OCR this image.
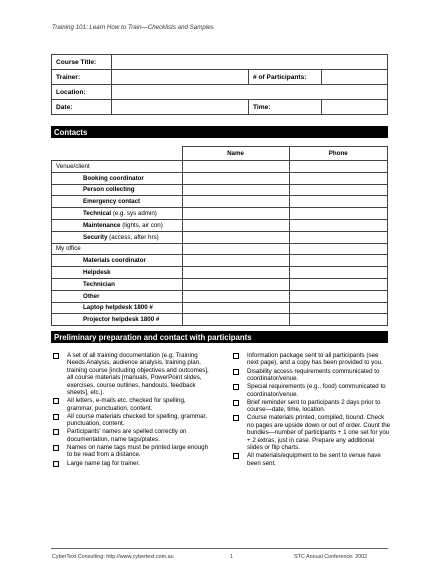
Training 101: Learn How to Train—Checklists and Samples
Course Title:			
Trainer:		# of Participants:	
Location:			
Date:		Time:	
Contacts
	Name	Phone
Venue/client		
Booking coordinator		
Person collecting		
Emergency contact		
Technical (e.g. sys admin)		
Maintenance (lights, air con)		
Security (access, after hrs)		
My office		
Materials coordinator		
Helpdesk		
Technician		
Other		
Laptop helpdesk 1800 #		
Projector helpdesk 1800 #		
Preliminary preparation and contact with participants
A set of all training documentation (e.g. Training Needs Analysis, audience analysis, training plan, training course [including objectives and outcomes], all course materials [manuals, PowerPoint slides, exercises, course outlines, handouts, feedback sheets], etc.).
All letters, e-mails etc. checked for spelling, grammar, punctuation, content.
All course materials checked for spelling, grammar, punctuation, content.
Participants' names are spelled correctly on documentation, name tags/plates.
Names on name tags must be printed large enough to be read from a distance.
Large name tag for trainer.
Information package sent to all participants (see next page), and a copy has been provided to you.
Disability access requirements communicated to coordinator/venue.
Special requirements (e.g., food) communicated to coordinator/venue.
Brief reminder sent to participants 2 days prior to course—date, time, location.
Course materials printed, compiled, bound. Check no pages are upside down or out of order. Count the bundles—number of participants + 1 one set for you + 2 extras, just in case. Prepare any additional slides or flip charts.
All materials/equipment to be sent to venue have been sent.
CyberText Consulting: http://www.cybertext.com.au	1	STC Annual Conference: 2002
